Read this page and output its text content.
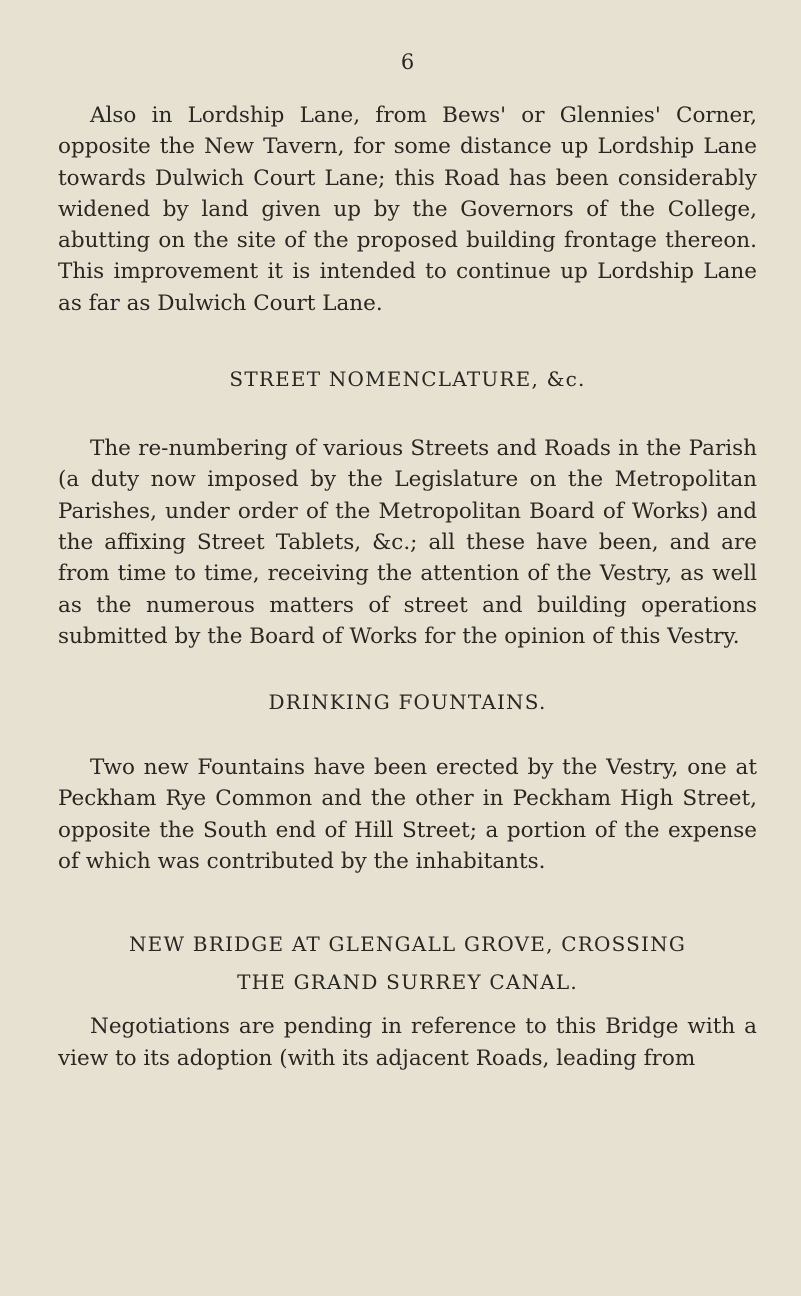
6

Also in Lordship Lane, from Bews' or Glennies' Corner, opposite the New Tavern, for some distance up Lordship Lane towards Dulwich Court Lane; this Road has been considerably widened by land given up by the Governors of the College, abutting on the site of the proposed building frontage thereon. This improvement it is intended to continue up Lordship Lane as far as Dulwich Court Lane.

STREET NOMENCLATURE, &c.

The re-numbering of various Streets and Roads in the Parish (a duty now imposed by the Legislature on the Metropolitan Parishes, under order of the Metropolitan Board of Works) and the affixing Street Tablets, &c.; all these have been, and are from time to time, receiving the attention of the Vestry, as well as the numerous matters of street and building operations submitted by the Board of Works for the opinion of this Vestry.

DRINKING FOUNTAINS.

Two new Fountains have been erected by the Vestry, one at Peckham Rye Common and the other in Peckham High Street, opposite the South end of Hill Street; a portion of the expense of which was contributed by the inhabitants.

NEW BRIDGE AT GLENGALL GROVE, CROSSING
THE GRAND SURREY CANAL.

Negotiations are pending in reference to this Bridge with a view to its adoption (with its adjacent Roads, leading from
